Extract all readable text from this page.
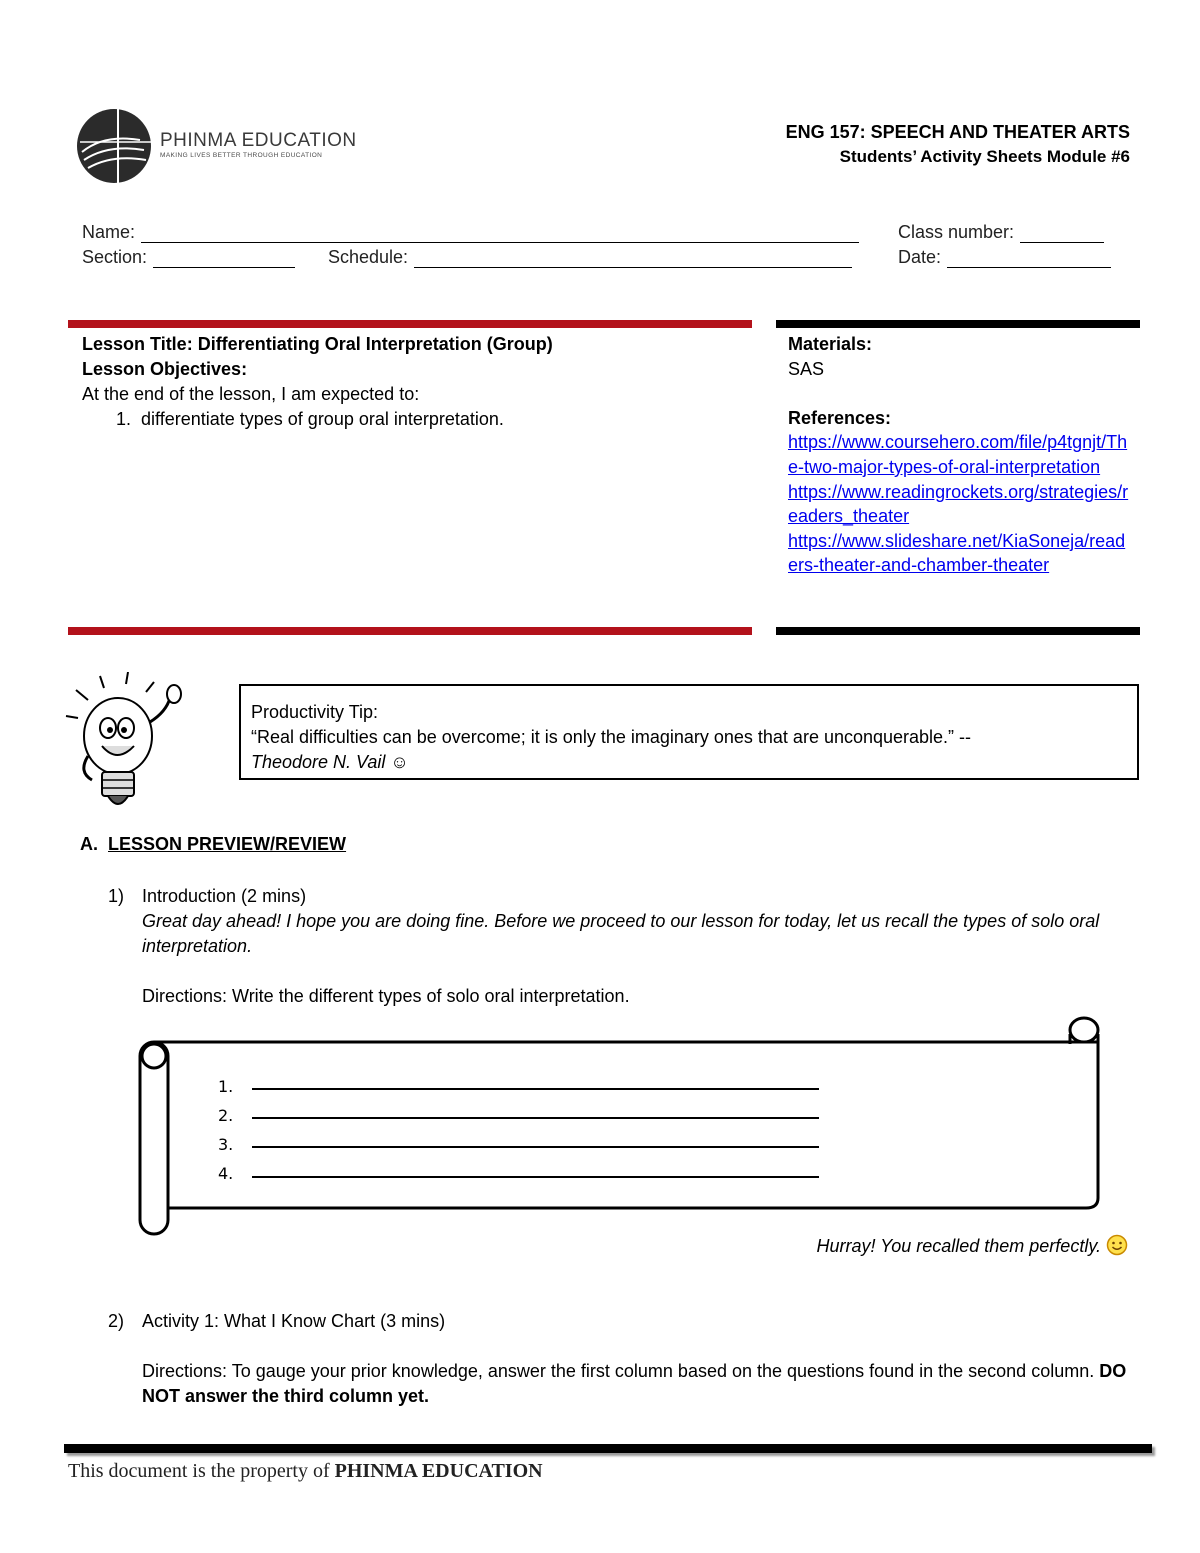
PHINMA EDUCATION
MAKING LIVES BETTER THROUGH EDUCATION
ENG 157: SPEECH AND THEATER ARTS
Students’ Activity Sheets Module #6
Name:	Class number:
Section:	Schedule:	Date:
Lesson Title: Differentiating Oral Interpretation (Group)
Lesson Objectives:
At the end of the lesson, I am expected to:
1. differentiate types of group oral interpretation.
Materials:
SAS
References:
https://www.coursehero.com/file/p4tgnjt/The-two-major-types-of-oral-interpretation
https://www.readingrockets.org/strategies/readers_theater
https://www.slideshare.net/KiaSoneja/readers-theater-and-chamber-theater
Productivity Tip:
“Real difficulties can be overcome; it is only the imaginary ones that are unconquerable.” --
Theodore N. Vail ☺
A. LESSON PREVIEW/REVIEW
1) Introduction (2 mins)
Great day ahead! I hope you are doing fine. Before we proceed to our lesson for today, let us recall the types of solo oral interpretation.
Directions: Write the different types of solo oral interpretation.
1.
2.
3.
4.
Hurray! You recalled them perfectly.
2) Activity 1: What I Know Chart (3 mins)
Directions: To gauge your prior knowledge, answer the first column based on the questions found in the second column. DO NOT answer the third column yet.
This document is the property of PHINMA EDUCATION
